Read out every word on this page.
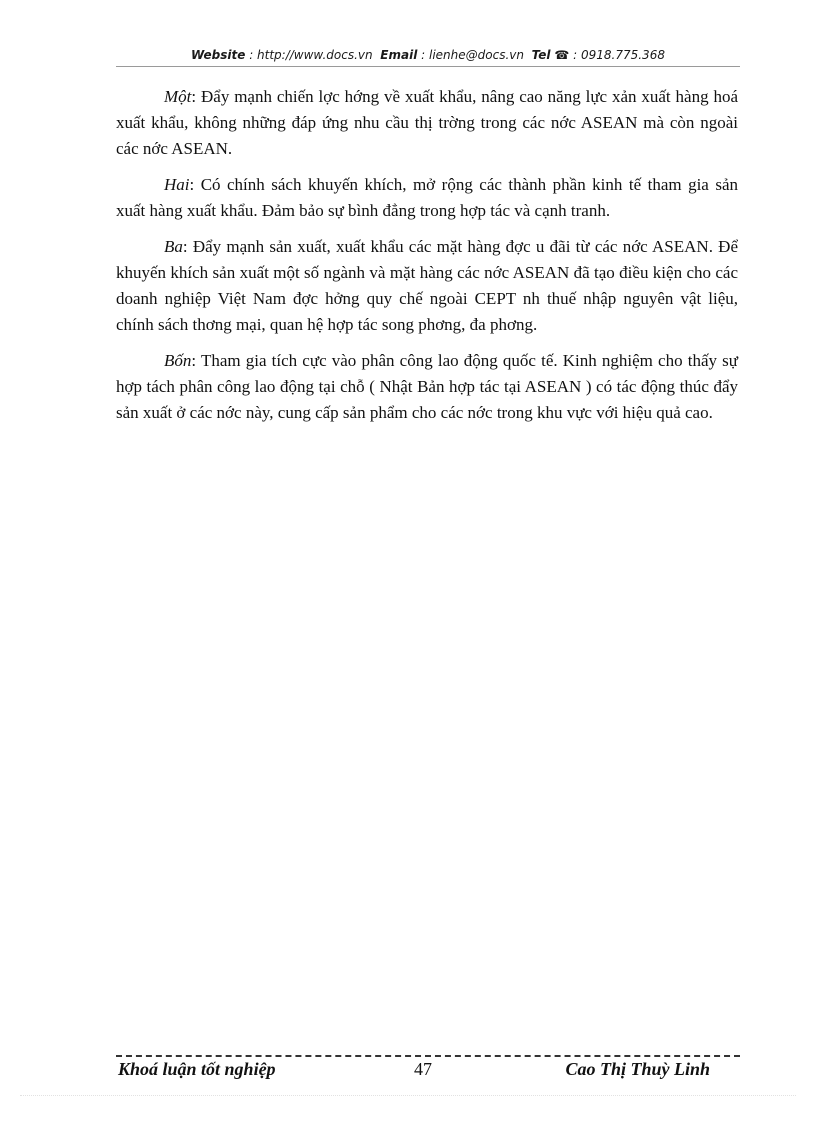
Website : http://www.docs.vn Email : lienhe@docs.vn Tel ☎ : 0918.775.368

Một: Đẩy mạnh chiến lợc hớng về xuất khẩu, nâng cao năng lực xản xuất hàng hoá xuất khẩu, không những đáp ứng nhu cầu thị trờng trong các nớc ASEAN mà còn ngoài các nớc ASEAN.

Hai: Có chính sách khuyến khích, mở rộng các thành phần kinh tế tham gia sản xuất hàng xuất khẩu. Đảm bảo sự bình đẳng trong hợp tác và cạnh tranh.

Ba: Đẩy mạnh sản xuất, xuất khẩu các mặt hàng đợc u đãi từ các nớc ASEAN. Để khuyến khích sản xuất một số ngành và mặt hàng các nớc ASEAN đã tạo điều kiện cho các doanh nghiệp Việt Nam đợc hởng quy chế ngoài CEPT nh thuế nhập nguyên vật liệu, chính sách thơng mại, quan hệ hợp tác song phơng, đa phơng.

Bốn: Tham gia tích cực vào phân công lao động quốc tế. Kinh nghiệm cho thấy sự hợp tách phân công lao động tại chỗ ( Nhật Bản hợp tác tại ASEAN ) có tác động thúc đẩy sản xuất ở các nớc này, cung cấp sản phẩm cho các nớc trong khu vực với hiệu quả cao.

Khoá luận tốt nghiệp	47	Cao Thị Thuỳ Linh
